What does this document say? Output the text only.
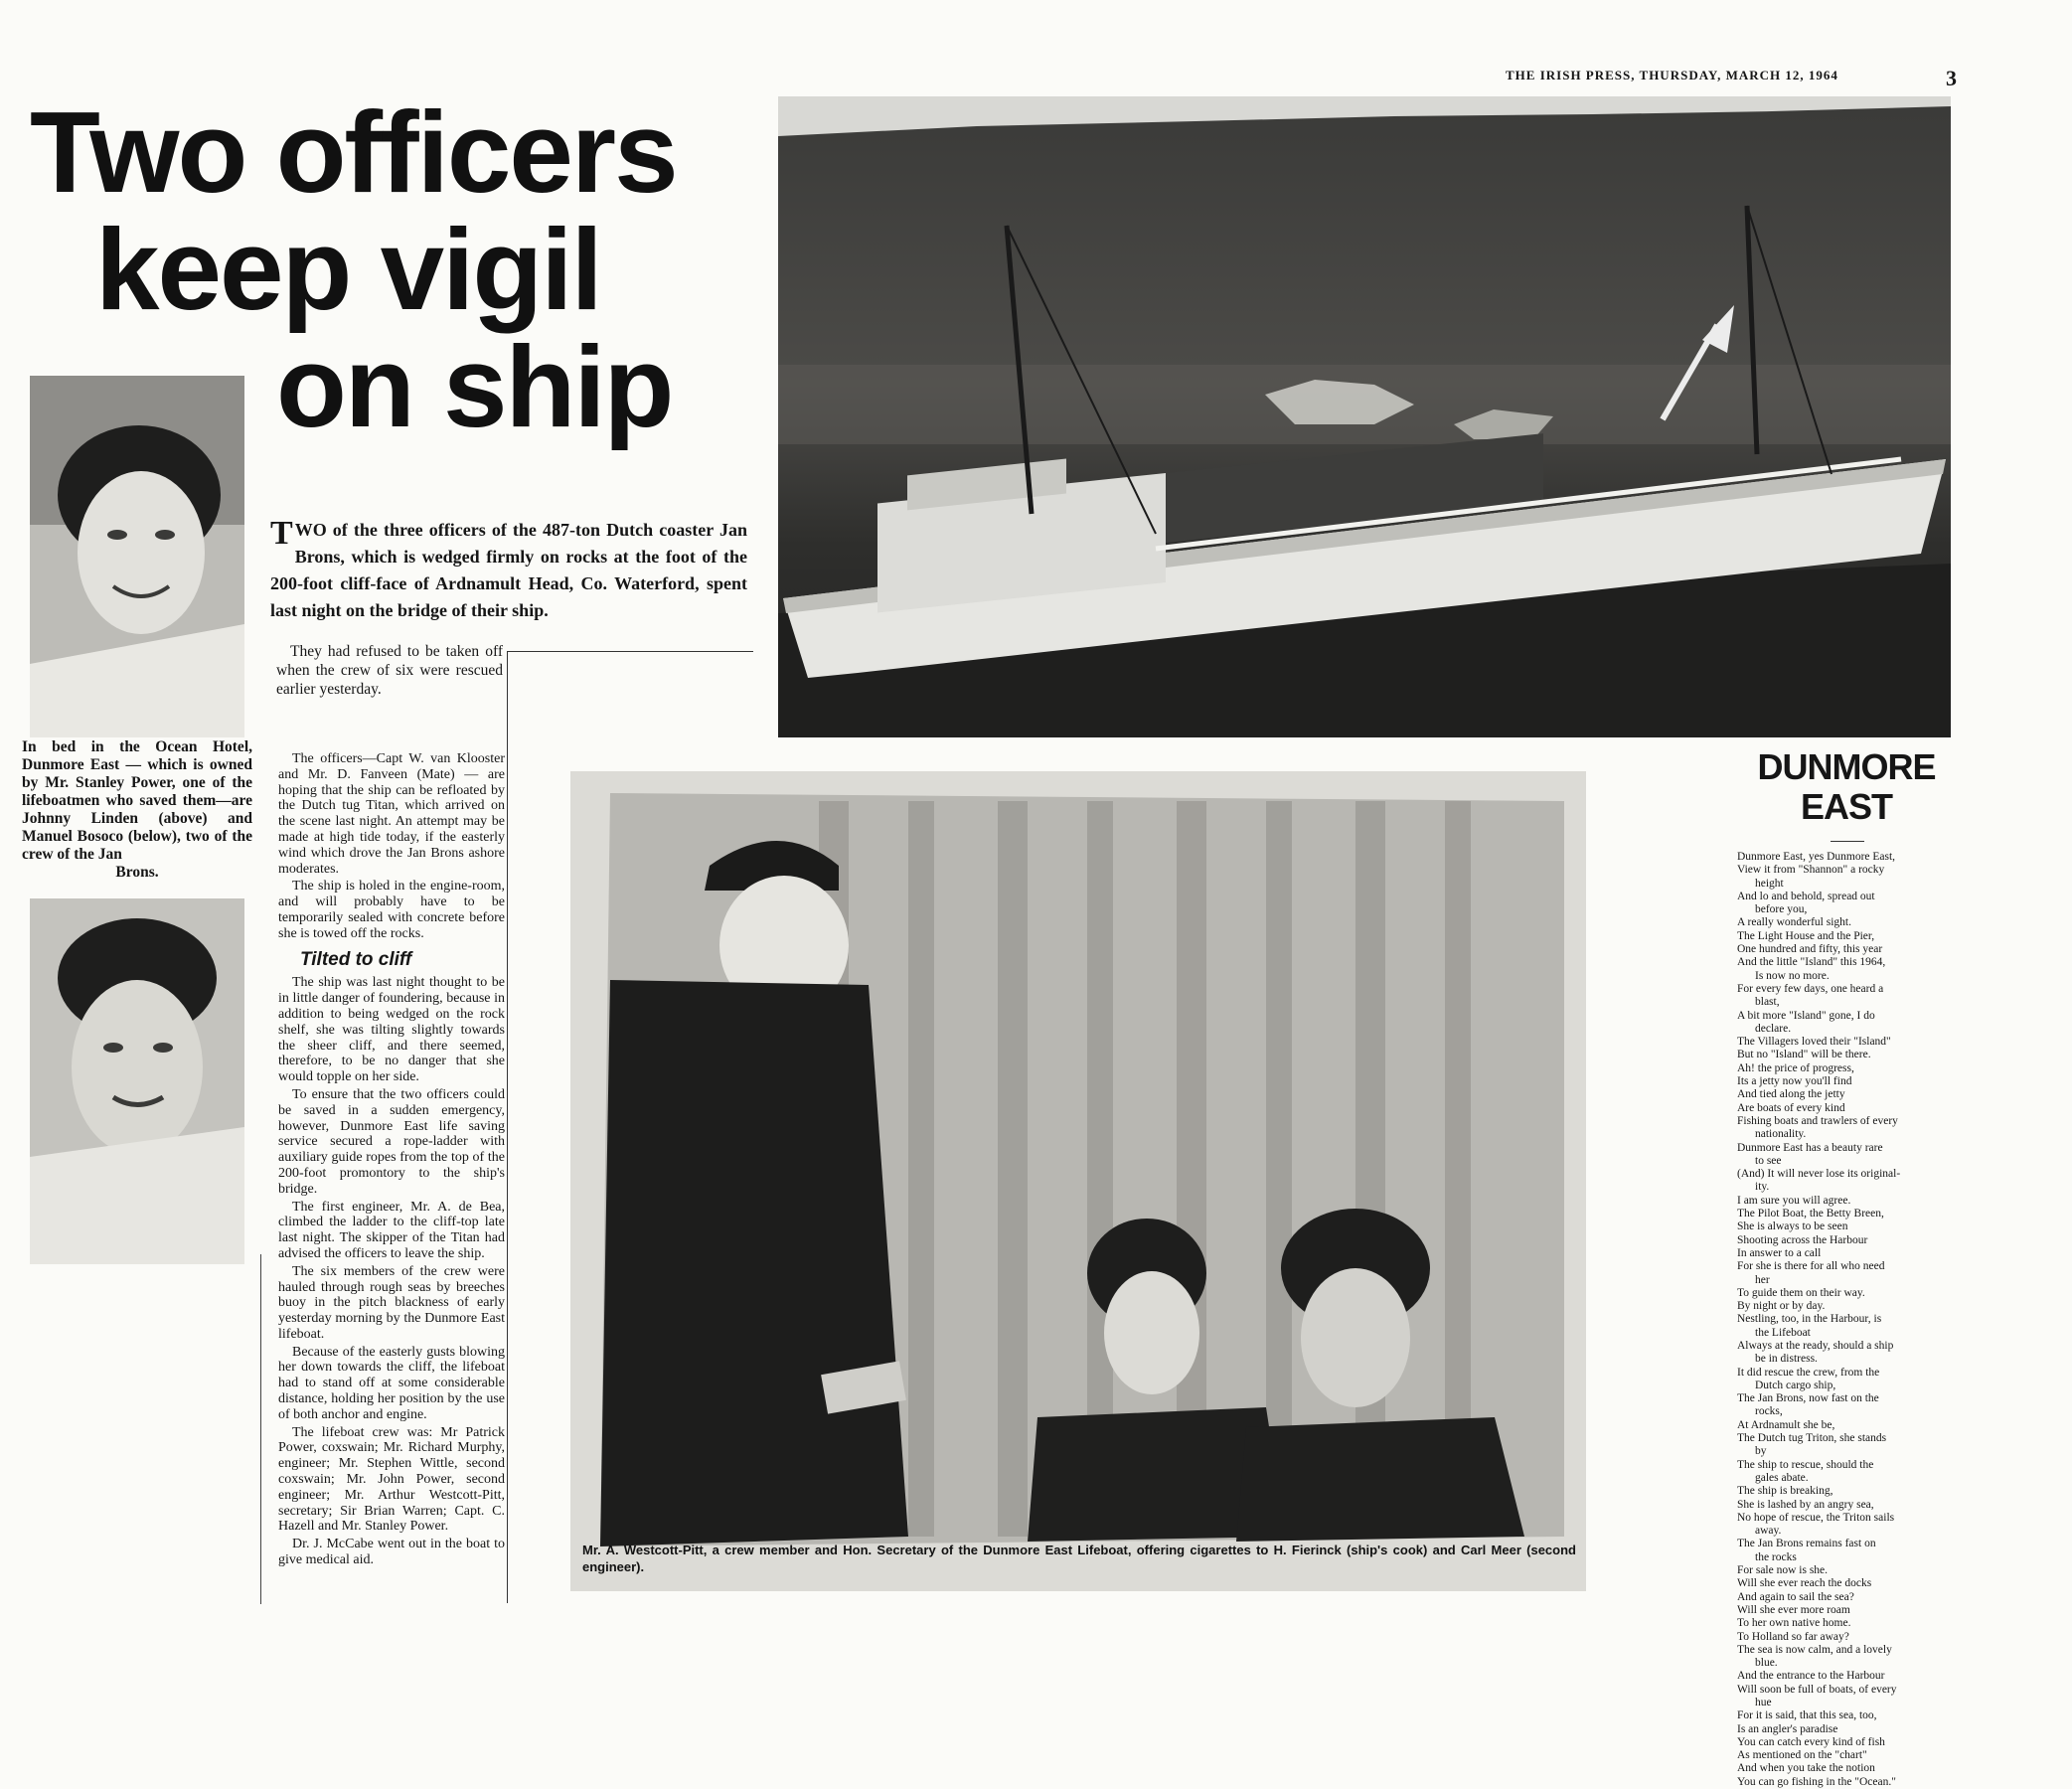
THE IRISH PRESS, THURSDAY, MARCH 12, 1964	3
Two officers
keep vigil
on ship
In bed in the Ocean Hotel, Dunmore East — which is owned by Mr. Stanley Power, one of the lifeboatmen who saved them—are Johnny Linden (above) and Manuel Bosoco (below), two of the crew of the Jan
Brons.
TWO of the three officers of the 487-ton Dutch coaster Jan Brons, which is wedged firmly on rocks at the foot of the 200-foot cliff-face of Ardnamult Head, Co. Waterford, spent last night on the bridge of their ship.

They had refused to be taken off when the crew of six were rescued earlier yesterday.

The officers—Capt W. van Klooster and Mr. D. Fanveen (Mate) — are hoping that the ship can be refloated by the Dutch tug Titan, which arrived on the scene last night. An attempt may be made at high tide today, if the easterly wind which drove the Jan Brons ashore moderates.

The ship is holed in the engine-room, and will probably have to be temporarily sealed with concrete before she is towed off the rocks.

Tilted to cliff

The ship was last night thought to be in little danger of foundering, because in addition to being wedged on the rock shelf, she was tilting slightly towards the sheer cliff, and there seemed, therefore, to be no danger that she would topple on her side.

To ensure that the two officers could be saved in a sudden emergency, however, Dunmore East life saving service secured a rope-ladder with auxiliary guide ropes from the top of the 200-foot promontory to the ship's bridge.

The first engineer, Mr. A. de Bea, climbed the ladder to the cliff-top late last night. The skipper of the Titan had advised the officers to leave the ship.

The six members of the crew were hauled through rough seas by breeches buoy in the pitch blackness of early yesterday morning by the Dunmore East lifeboat.

Because of the easterly gusts blowing her down towards the cliff, the lifeboat had to stand off at some considerable distance, holding her position by the use of both anchor and engine.

The lifeboat crew was: Mr Patrick Power, coxswain; Mr. Richard Murphy, engineer; Mr. Stephen Wittle, second coxswain; Mr. John Power, second engineer; Mr. Arthur Westcott-Pitt, secretary; Sir Brian Warren; Capt. C. Hazell and Mr. Stanley Power.

Dr. J. McCabe went out in the boat to give medical aid.

Mr. A. Westcott-Pitt, a crew member and Hon. Secretary of the Dunmore East Lifeboat, offering cigarettes to H. Fierinck (ship's cook) and Carl Meer (second engineer).
DUNMORE
EAST
Dunmore East, yes Dunmore East,
View it from "Shannon" a rocky
height
And lo and behold, spread out
before you,
A really wonderful sight.
The Light House and the Pier,
One hundred and fifty, this year
And the little "Island" this 1964,
Is now no more.
For every few days, one heard a
blast,
A bit more "Island" gone, I do
declare.
The Villagers loved their "Island"
But no "Island" will be there.
Ah! the price of progress,
Its a jetty now you'll find
And tied along the jetty
Are boats of every kind
Fishing boats and trawlers of every
nationality.
Dunmore East has a beauty rare
to see
(And) It will never lose its original-
ity.
I am sure you will agree.
The Pilot Boat, the Betty Breen,
She is always to be seen
Shooting across the Harbour
In answer to a call
For she is there for all who need
her
To guide them on their way.
By night or by day.
Nestling, too, in the Harbour, is
the Lifeboat
Always at the ready, should a ship
be in distress.
It did rescue the crew, from the
Dutch cargo ship,
The Jan Brons, now fast on the
rocks,
At Ardnamult she be,
The Dutch tug Triton, she stands
by
The ship to rescue, should the
gales abate.
The ship is breaking,
She is lashed by an angry sea,
No hope of rescue, the Triton sails
away.
The Jan Brons remains fast on
the rocks
For sale now is she.
Will she ever reach the docks
And again to sail the sea?
Will she ever more roam
To her own native home.
To Holland so far away?
The sea is now calm, and a lovely
blue.
And the entrance to the Harbour
Will soon be full of boats, of every
hue
For it is said, that this sea, too,
Is an angler's paradise
You can catch every kind of fish
As mentioned on the "chart"
And when you take the notion
You can go fishing in the "Ocean."
